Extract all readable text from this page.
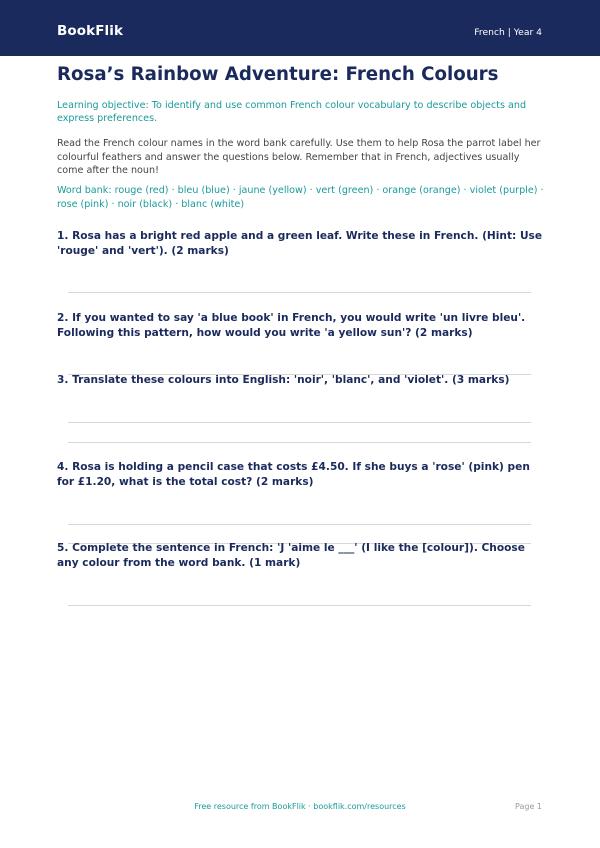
BookFlik	French | Year 4
Rosa’s Rainbow Adventure: French Colours
Learning objective: To identify and use common French colour vocabulary to describe objects and express preferences.
Read the French colour names in the word bank carefully. Use them to help Rosa the parrot label her colourful feathers and answer the questions below. Remember that in French, adjectives usually come after the noun!
Word bank: rouge (red) · bleu (blue) · jaune (yellow) · vert (green) · orange (orange) · violet (purple) · rose (pink) · noir (black) · blanc (white)
1. Rosa has a bright red apple and a green leaf. Write these in French. (Hint: Use 'rouge' and 'vert'). (2 marks)
2. If you wanted to say 'a blue book' in French, you would write 'un livre bleu'. Following this pattern, how would you write 'a yellow sun'? (2 marks)
3. Translate these colours into English: 'noir', 'blanc', and 'violet'. (3 marks)
4. Rosa is holding a pencil case that costs £4.50. If she buys a 'rose' (pink) pen for £1.20, what is the total cost? (2 marks)
5. Complete the sentence in French: 'J 'aime le ___' (I like the [colour]). Choose any colour from the word bank. (1 mark)
Free resource from BookFlik · bookflik.com/resources	Page 1
